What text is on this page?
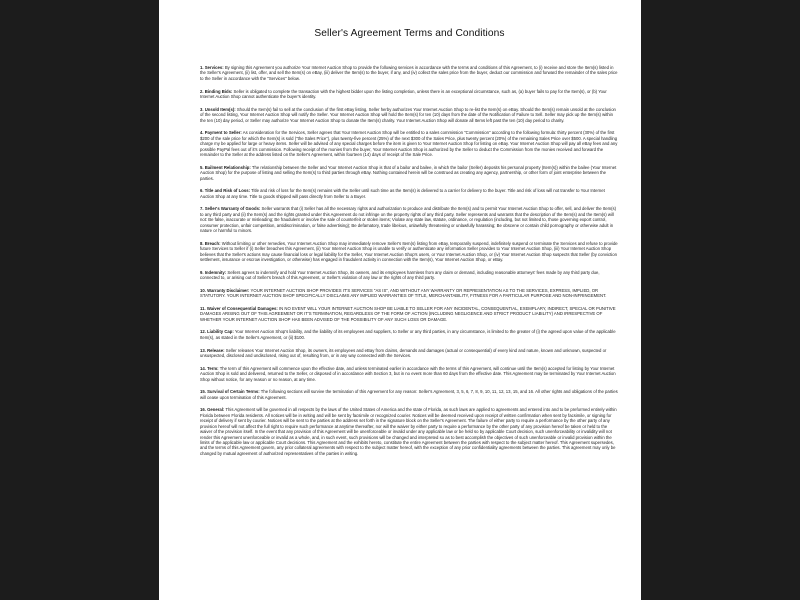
Seller's Agreement Terms and Conditions

1. Services: By signing this Agreement you authorize Your Internet Auction Shop to provide the following services in accordance with the terms and conditions of this Agreement, to (i) receive and store the Item(s) listed in the Seller's Agreement, (ii) list, offer, and sell the Item(s) on eBay, (iii) deliver the Item(s) to the buyer, if any, and (iv) collect the sales price from the buyer, deduct our commission and forward the remainder of the sales price to the Seller in accordance with the "Services" below.

2. Binding Bids: Seller is obligated to complete the transaction with the highest bidder upon the listing completion, unless there is an exceptional circumstance, such as, (a) buyer fails to pay for the Item(s), or (b) Your Internet Auction Shop cannot authenticate the buyer's identity.

3. Unsold Item(s): Should the Item(s) fail to sell at the conclusion of the first eBay listing, Seller herby authorizes Your Internet Auction Shop to re-list the Item(s) on eBay. Should the Item(s) remain unsold at the conclusion of the second listing, Your Internet Auction Shop will notify the Seller. Your Internet Auction Shop will hold the Item(s) for ten (10) days from the date of the Notification of Failure to Sell. Seller may pick up the Item(s) within the ten (10) day period, or Seller may authorize Your Internet Auction Shop to donate the Item(s) charity. Your Internet Auction Shop will donate all Items left past the ten (10) day period to charity.

4. Payment to Seller: As consideration for the Services, Seller agrees that Your Internet Auction Shop will be entitled to a sales commission "Commission" according to the following formula: thirty percent (30%) of the first $200 of the sale price for which the Item(s) is sold ("the Sales Price"), plus twenty-five percent (25%) of the next $300 of the Sales Price, plus twenty percent (20%) of the remaining Sales Price over $500. A special handling charge my be applied for large or heavy items. Seller will be advised of any special charges before the item is given to Your Internet Auction Shop for listing on eBay. Your Internet Auction Shop will pay all eBay fees and any possible PayPal fees out of it's commission. Following receipt of the monies from the buyer, Your Internet Auction Shop is authorized by the Seller to deduct the Commission from the monies received and forward the remainder to the Seller at the address listed on the Seller's Agreement, within fourteen (14) days of receipt of the Sale Price.

5. Bailment Relationship: The relationship between the Seller and Your Internet Auction Shop is that of a bailor and bailee, in which the bailor (Seller) deposits his personal property (Item(s)) within the bailee (Your Internet Auction Shop) for the purpose of listing and selling the Item(s) to third parties through eBay. Nothing contained herein will be construed as creating any agency, partnership, or other form of joint enterprise between the parties.

6. Title and Risk of Loss: Title and risk of loss for the Item(s) remains with the Seller until such time as the Item(s) is delivered to a carrier for delivery to the buyer. Title and risk of loss will not transfer to Your Internet Auction Shop at any time. Title to goods shipped will pass directly from Seller to a Buyer.

7. Seller's Warranty of Goods: Seller warrants that (i) Seller has all the necessary rights and authorization to produce and distribute the Item(s) and to permit Your Internet Auction Shop to offer, sell, and deliver the Item(s) to any third party and (ii) the Item(s) and the rights granted under this Agreement do not infringe on the property rights of any third party. Seller represents and warrants that the description of the Item(s) and the Item(s) will not: Be false, inaccurate or misleading; Be fraudulent or involve the sale of counterfeit or stolen items; Violate any state law, statute, ordinance, or regulation (including, but not limited to, those governing export control, consumer protection, unfair competition, antidiscrimination, or false advertising); Be defamatory, trade libelous, unlawfully threatening or unlawfully harassing; Be obscene or contain child pornography or otherwise adult in nature or harmful to minors.

8. Breach: Without limiting or other remedies, Your Internet Auction Shop may immediately remove Seller's Item(s) listing from eBay, temporarily suspend, indefinitely suspend or terminate the Services and refuse to provide future Services to Seller if (i) Seller breaches this Agreement, (ii) Your Internet Auction Shop is unable to verify or authenticate any information Seller provides to Your Internet Auction Shop, (iii) Your Internet Auction Shop believes that the Seller's actions may cause financial loss or legal liability for the Seller, Your Internet Auction Shop's users, or Your Internet Auction Shop, or (iv) Your Internet Auction Shop suspects that Seller (by conviction settlement, insurance or escrow investigation, or otherwise) has engaged in fraudulent activity in connection with the Item(s), Your Internet Auction Shop, or eBay.

9. Indemnity: Sellers agrees to indemnify and hold Your Internet Auction Shop, its owners, and its employees harmless from any claim or demand, including reasonable attorneys' fees made by any third party due, connected to, or arising out of Seller's breach of this Agreement, or Seller's violation of any law or the rights of any third party.

10. Warranty Disclaimer: YOUR INTERNET AUCTION SHOP PROVIDES IT'S SERVICES "AS IS", AND WITHOUT ANY WARRANTY OR REPRESENTATION AS TO THE SERVICES, EXPRESS, IMPLIED, OR STATUTORY. YOUR INTERNET AUCTION SHOP SPECIFICALLY DISCLAIMS ANY IMPLIED WARRANTIES OF TITLE, MERCHANTABILITY, FITNESS FOR A PARTICULAR PURPOSE AND NON-INFRINGEMENT.

11. Waiver of Consequential Damages: IN NO EVENT WILL YOUR INTERNET AUCTION SHOP BE LIABLE TO SELLER FOR ANY INCIDENTAL, CONSEQUENTIAL, EXEMPLARY, INDIRECT, SPECIAL OR PUNITIVE DAMAGES ARISING OUT OF THIS AGREEMENT OR IT'S TERMINATION, REGARDLESS OF THE FORM OF ACTION (INCLUDING NEGLIGENCE AND STRICT PRODUCT LIABILITY) AND IRRESPECTIVE OF WHETHER YOUR INTERNET AUCTION SHOP HAS BEEN ADVISED OF THE POSSIBILITY OF ANY SUCH LOSS OR DAMAGE.

12. Liability Cap: Your Internet Auction Shop's liability, and the liability of its employees and suppliers, to Seller or any third parties, in any circumstance, is limited to the greater of (i) the agreed upon value of the applicable Item(s), as stated in the Seller's Agreement, or (ii) $100.

13. Release: Seller releases Your Internet Auction Shop, its owners, its employees and eBay from claims, demands and damages (actual or consequential) of every kind and nature, known and unknown, suspected or unsuspected, disclosed and undisclosed, rising out of, resulting from, or in any way connected with the Services.

14. Term: The term of this Agreement will commence upon the effective date, and unless terminated earlier in accordance with the terms of this Agreement, will continue until the Item(s) accepted for listing by Your Internet Auction Shop is sold and delivered, returned to the Seller, or disposed of in accordance with Section 3, but in no event more than 60 days from the effective date. This Agreement may be terminated by Your Internet Auction Shop without notice, for any reason or no reason, at any time.

15. Survival of Certain Terms: The following sections will survive the termination of this Agreement for any reason: Seller's Agreement, 3, 5, 6, 7, 8, 9, 10, 11, 12, 13, 15, and 16. All other rights and obligations of the parties will cease upon termination of this Agreement.

16. General: This Agreement will be governed in all respects by the laws of the United States of America and the state of Florida, as such laws are applied to agreements and entered into and to be preformed entirely within Florida between Florida residents. All notices will be in writing and will be sent by facsimile or recognized courier. Notices will be deemed received upon receipt of written confirmation when sent by facsimile, or signing for receipt of delivery if sent by courier. Notices will be sent to the parties at the address set forth in the signature block on the Seller's Agreement. The failure of either party to require a performance by the other party of any provision hereof will not affect the full right to require such performance at anytime thereafter, nor will the waiver by either party to require a performance by the other party of any provision hereof be taken or held to the waiver of the provision itself. In the event that any provision of this Agreement will be unenforceable or invalid under any applicable law or be held so by applicable Court decision, such unenforceability or invalidity will not render this Agreement unenforceable or invalid as a whole, and, in such event, such provisions will be changed and interpreted so as to best accomplish the objectives of such unenforceable or invalid provision within the limits of the applicable law or applicable Court decisions. This Agreement and the exhibits hereto, constitute the entire Agreement between the parties with respect to the subject matter hereof. This Agreement supersedes, and the terms of this Agreement govern, any prior collateral agreements with respect to the subject matter hereof, with the exception of any prior confidentiality agreements between the parties. This agreement may only be changed by mutual agreement of authorized representatives of the parties in writing.
